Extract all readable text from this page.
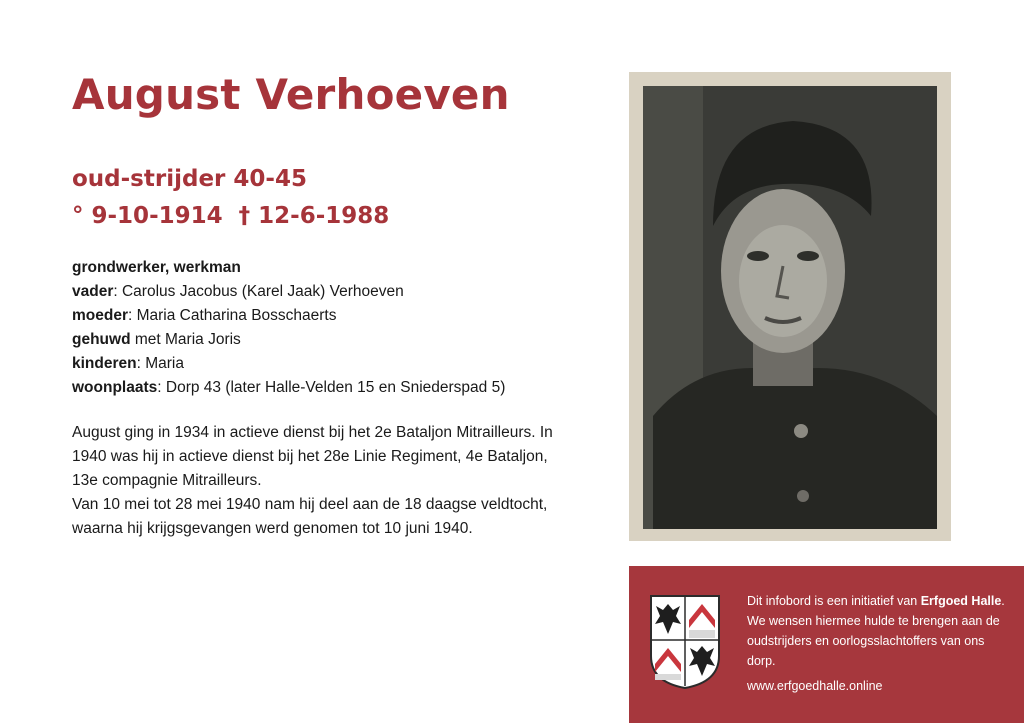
August Verhoeven
oud-strijder 40-45
° 9-10-1914  † 12-6-1988
grondwerker, werkman
vader: Carolus Jacobus (Karel Jaak) Verhoeven
moeder: Maria Catharina Bosschaerts
gehuwd met Maria Joris
kinderen: Maria
woonplaats: Dorp 43 (later Halle-Velden 15 en Sniederspad 5)

August ging in 1934 in actieve dienst bij het 2e Bataljon Mitrailleurs. In 1940 was hij in actieve dienst bij het 28e Linie Regiment, 4e Bataljon, 13e compagnie Mitrailleurs.

Van 10 mei tot 28 mei 1940 nam hij deel aan de 18 daagse veldtocht, waarna hij krijgsgevangen werd genomen tot 10 juni 1940.

Dit infobord is een initiatief van Erfgoed Halle. We wensen hiermee hulde te brengen aan de oudstrijders en oorlogsslachtoffers van ons dorp.
www.erfgoedhalle.online
